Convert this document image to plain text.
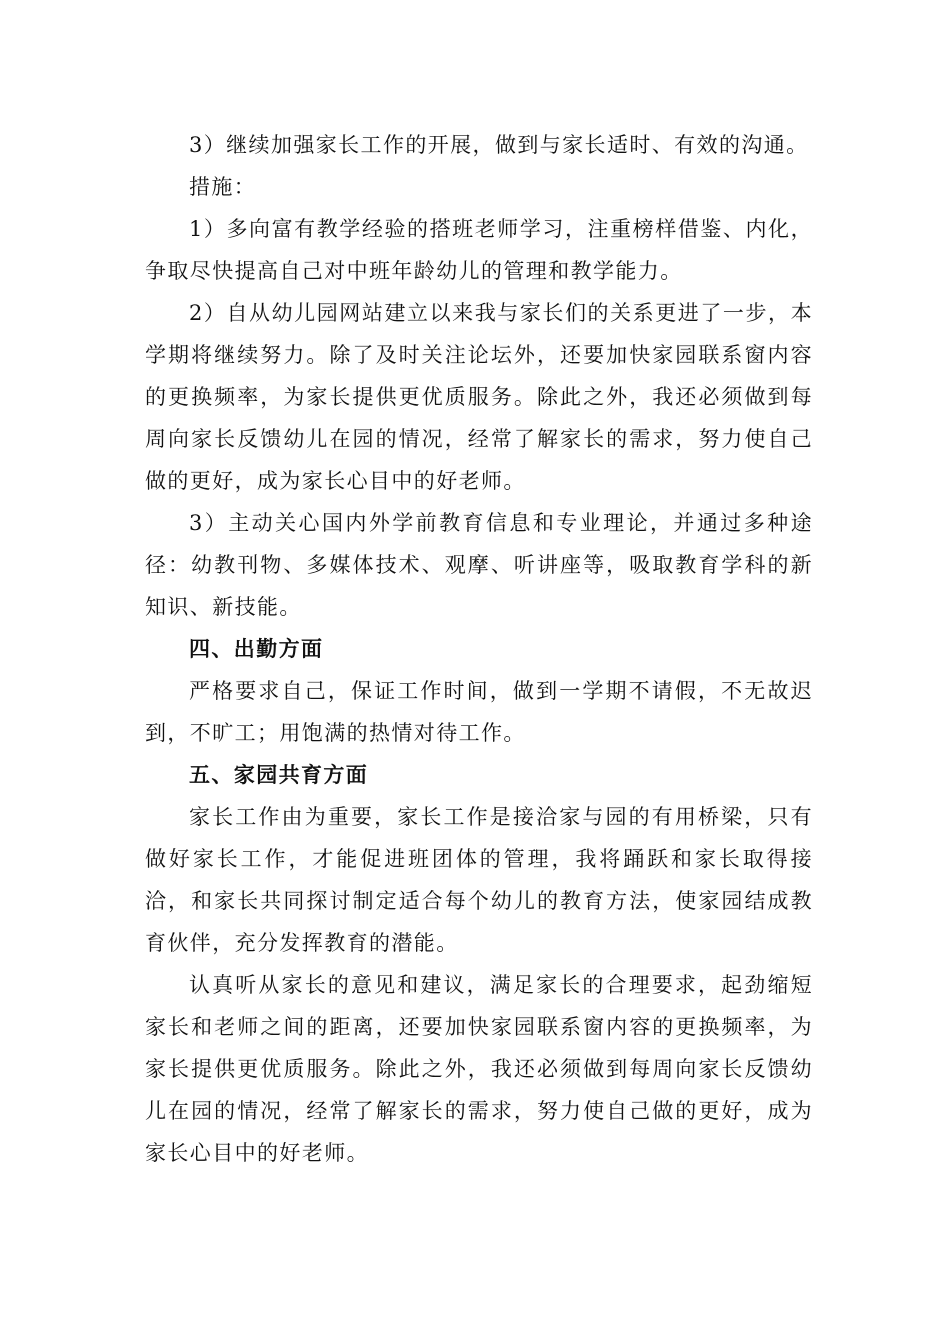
3）继续加强家长工作的开展，做到与家长适时、有效的沟通。

措施：

1）多向富有教学经验的搭班老师学习，注重榜样借鉴、内化，争取尽快提高自己对中班年龄幼儿的管理和教学能力。

2）自从幼儿园网站建立以来我与家长们的关系更进了一步，本学期将继续努力。除了及时关注论坛外，还要加快家园联系窗内容的更换频率，为家长提供更优质服务。除此之外，我还必须做到每周向家长反馈幼儿在园的情况，经常了解家长的需求，努力使自己做的更好，成为家长心目中的好老师。

3）主动关心国内外学前教育信息和专业理论，并通过多种途径：幼教刊物、多媒体技术、观摩、听讲座等，吸取教育学科的新知识、新技能。

四、出勤方面

严格要求自己，保证工作时间，做到一学期不请假，不无故迟到，不旷工；用饱满的热情对待工作。

五、家园共育方面

家长工作由为重要，家长工作是接洽家与园的有用桥梁，只有做好家长工作，才能促进班团体的管理，我将踊跃和家长取得接洽，和家长共同探讨制定适合每个幼儿的教育方法，使家园结成教育伙伴，充分发挥教育的潜能。

认真听从家长的意见和建议，满足家长的合理要求，起劲缩短家长和老师之间的距离，还要加快家园联系窗内容的更换频率，为家长提供更优质服务。除此之外，我还必须做到每周向家长反馈幼儿在园的情况，经常了解家长的需求，努力使自己做的更好，成为家长心目中的好老师。
